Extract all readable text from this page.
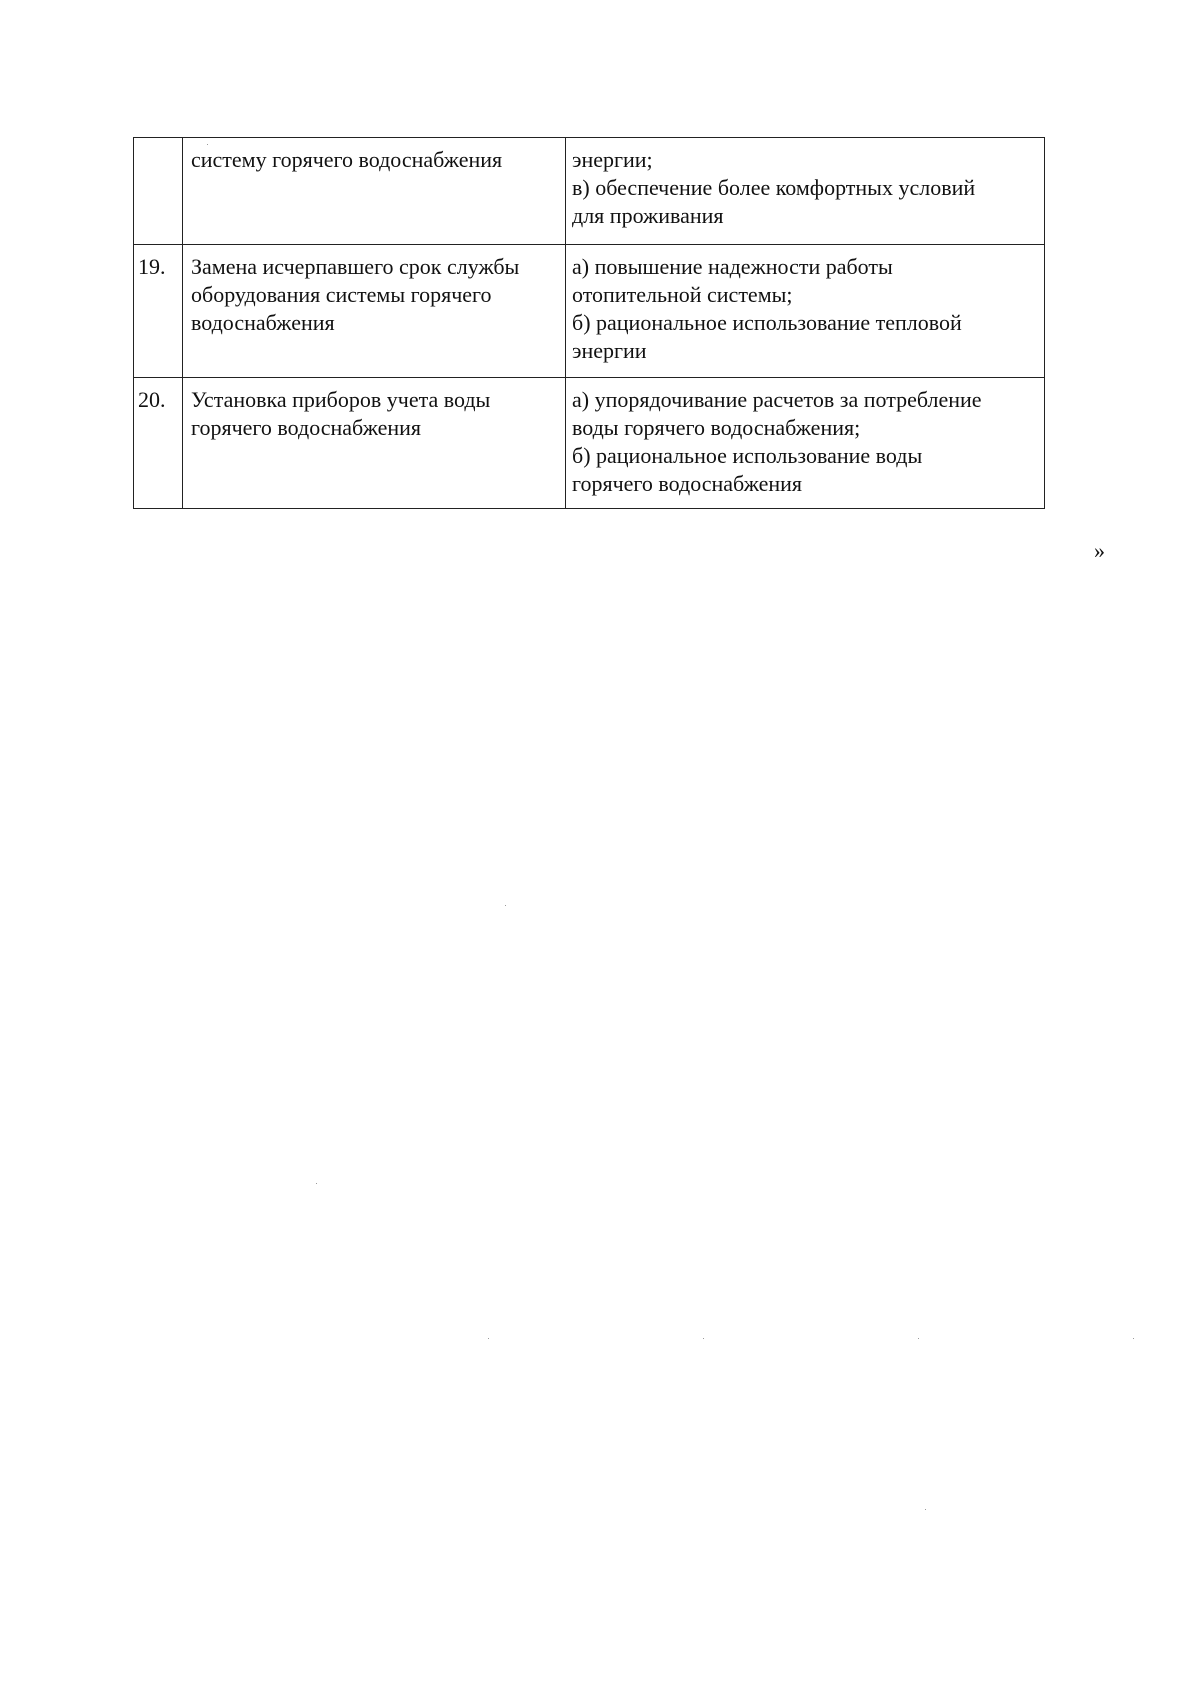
	системy горячего водоснабжения	энергии;
в) обеспечение более комфортных условий
для проживания

19.	Замена исчерпавшего срок службы
оборудования системы горячего
водоснабжения	а) повышение надежности работы
отопительной системы;
б) рациональное использование тепловой
энергии

20.	Установка приборов учета воды
горячего водоснабжения	а) упорядочивание расчетов за потребление
воды горячего водоснабжения;
б) рациональное использование воды
горячего водоснабжения
»
